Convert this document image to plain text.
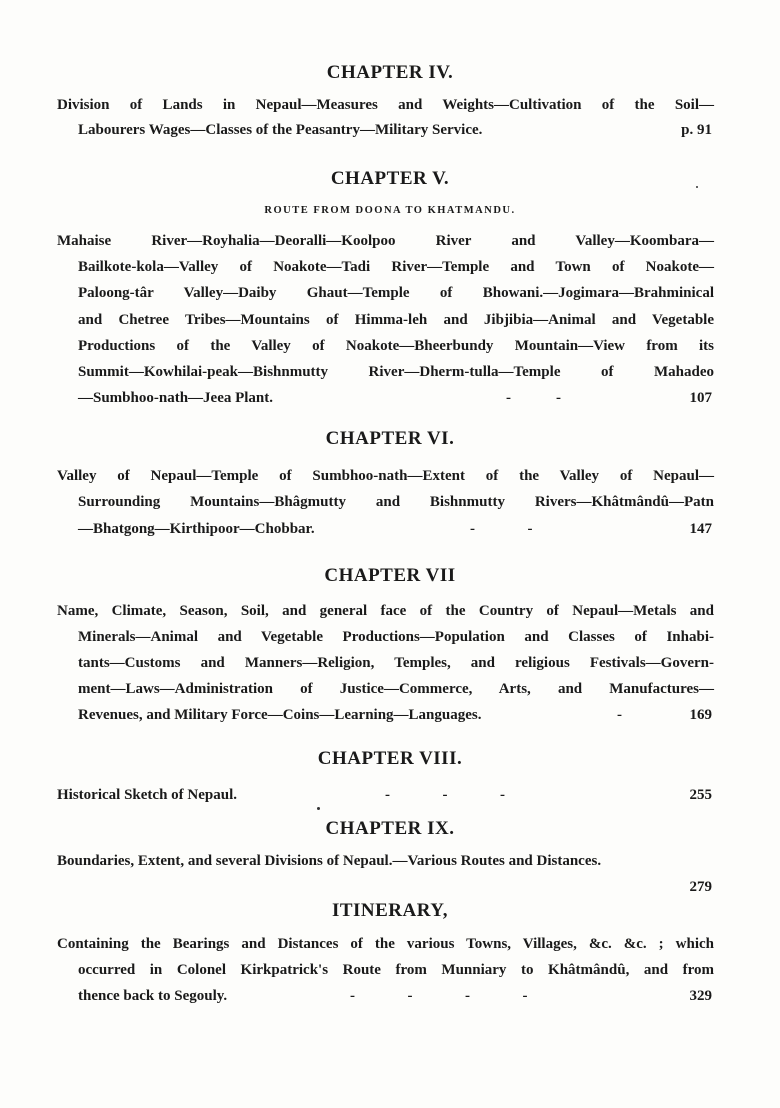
CHAPTER IV.
Division of Lands in Nepaul—Measures and Weights—Cultivation of the Soil—
Labourers Wages—Classes of the Peasantry—Military Service.	p. 91
CHAPTER V.
ROUTE FROM DOONA TO KHATMANDU.
Mahaise River—Royhalia—Deoralli—Koolpoo River and Valley—Koombara—
Bailkote-kola—Valley of Noakote—Tadi River—Temple and Town of Noakote—
Paloong-târ Valley—Daiby Ghaut—Temple of Bhowani.—Jogimara—Brahminical
and Chetree Tribes—Mountains of Himma-leh and Jibjibia—Animal and Vegetable
Productions of the Valley of Noakote—Bheerbundy Mountain—View from its
Summit—Kowhilai-peak—Bishnmutty River—Dherm-tulla—Temple of Mahadeo
—Sumbhoo-nath—Jeea Plant.	-            -	107
CHAPTER VI.
Valley of Nepaul—Temple of Sumbhoo-nath—Extent of the Valley of Nepaul—
Surrounding Mountains—Bhâgmutty and Bishnmutty Rivers—Khâtmândû—Patn
—Bhatgong—Kirthipoor—Chobbar.	-              -	147
CHAPTER VII
Name, Climate, Season, Soil, and general face of the Country of Nepaul—Metals and
Minerals—Animal and Vegetable Productions—Population and Classes of Inhabi-
tants—Customs and Manners—Religion, Temples, and religious Festivals—Govern-
ment—Laws—Administration of Justice—Commerce, Arts, and Manufactures—
Revenues, and Military Force—Coins—Learning—Languages.	-	169
CHAPTER VIII.
Historical Sketch of Nepaul.	-              -              -	255
CHAPTER IX.
Boundaries, Extent, and several Divisions of Nepaul.—Various Routes and Distances.
279
ITINERARY,
Containing the Bearings and Distances of the various Towns, Villages, &c. &c. ; which
occurred in Colonel Kirkpatrick's Route from Munniary to Khâtmândû, and from
thence back to Segouly.	-              -              -              -	329
